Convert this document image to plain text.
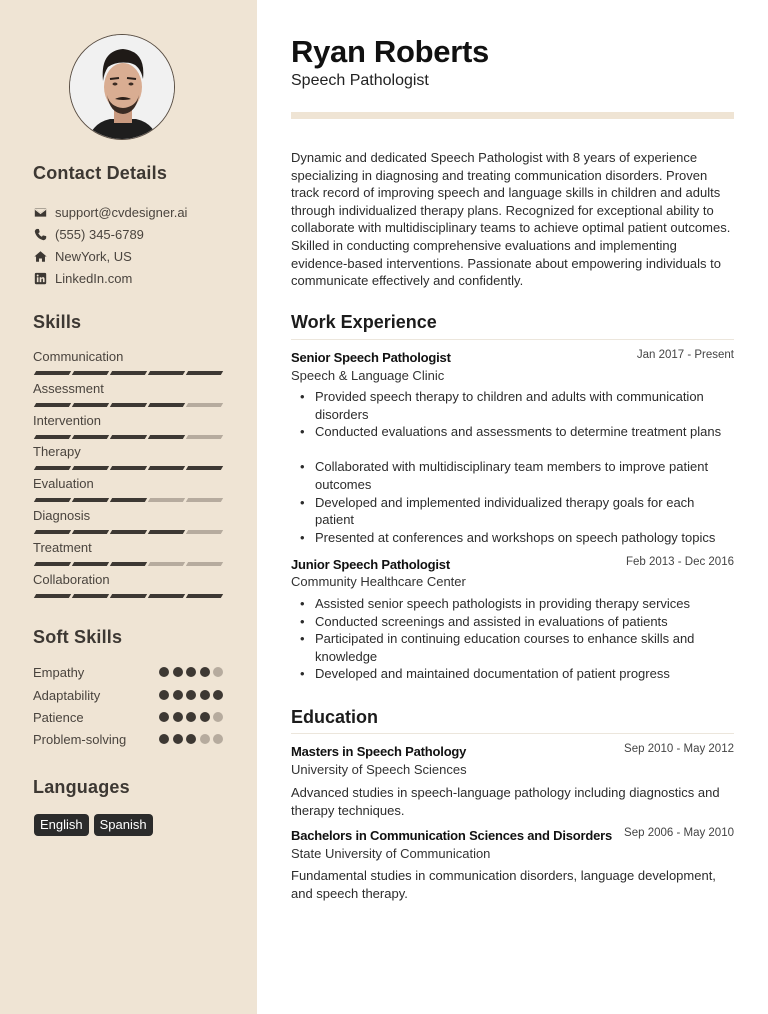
Contact Details
support@cvdesigner.ai
(555) 345-6789
NewYork, US
LinkedIn.com
Skills
Communication
Assessment
Intervention
Therapy
Evaluation
Diagnosis
Treatment
Collaboration
Soft Skills
Empathy
Adaptability
Patience
Problem-solving
Languages
English	Spanish
Ryan Roberts
Speech Pathologist
Dynamic and dedicated Speech Pathologist with 8 years of experience specializing in diagnosing and treating communication disorders. Proven track record of improving speech and language skills in children and adults through individualized therapy plans. Recognized for exceptional ability to collaborate with multidisciplinary teams to achieve optimal patient outcomes. Skilled in conducting comprehensive evaluations and implementing evidence-based interventions. Passionate about empowering individuals to communicate effectively and confidently.
Work Experience
Senior Speech Pathologist	Jan 2017 - Present
Speech & Language Clinic
• Provided speech therapy to children and adults with communication disorders
• Conducted evaluations and assessments to determine treatment plans
• Collaborated with multidisciplinary team members to improve patient outcomes
• Developed and implemented individualized therapy goals for each patient
• Presented at conferences and workshops on speech pathology topics
Junior Speech Pathologist	Feb 2013 - Dec 2016
Community Healthcare Center
• Assisted senior speech pathologists in providing therapy services
• Conducted screenings and assisted in evaluations of patients
• Participated in continuing education courses to enhance skills and knowledge
• Developed and maintained documentation of patient progress
Education
Masters in Speech Pathology	Sep 2010 - May 2012
University of Speech Sciences
Advanced studies in speech-language pathology including diagnostics and therapy techniques.
Bachelors in Communication Sciences and Disorders Sep 2006 - May 2010
State University of Communication
Fundamental studies in communication disorders, language development, and speech therapy.
